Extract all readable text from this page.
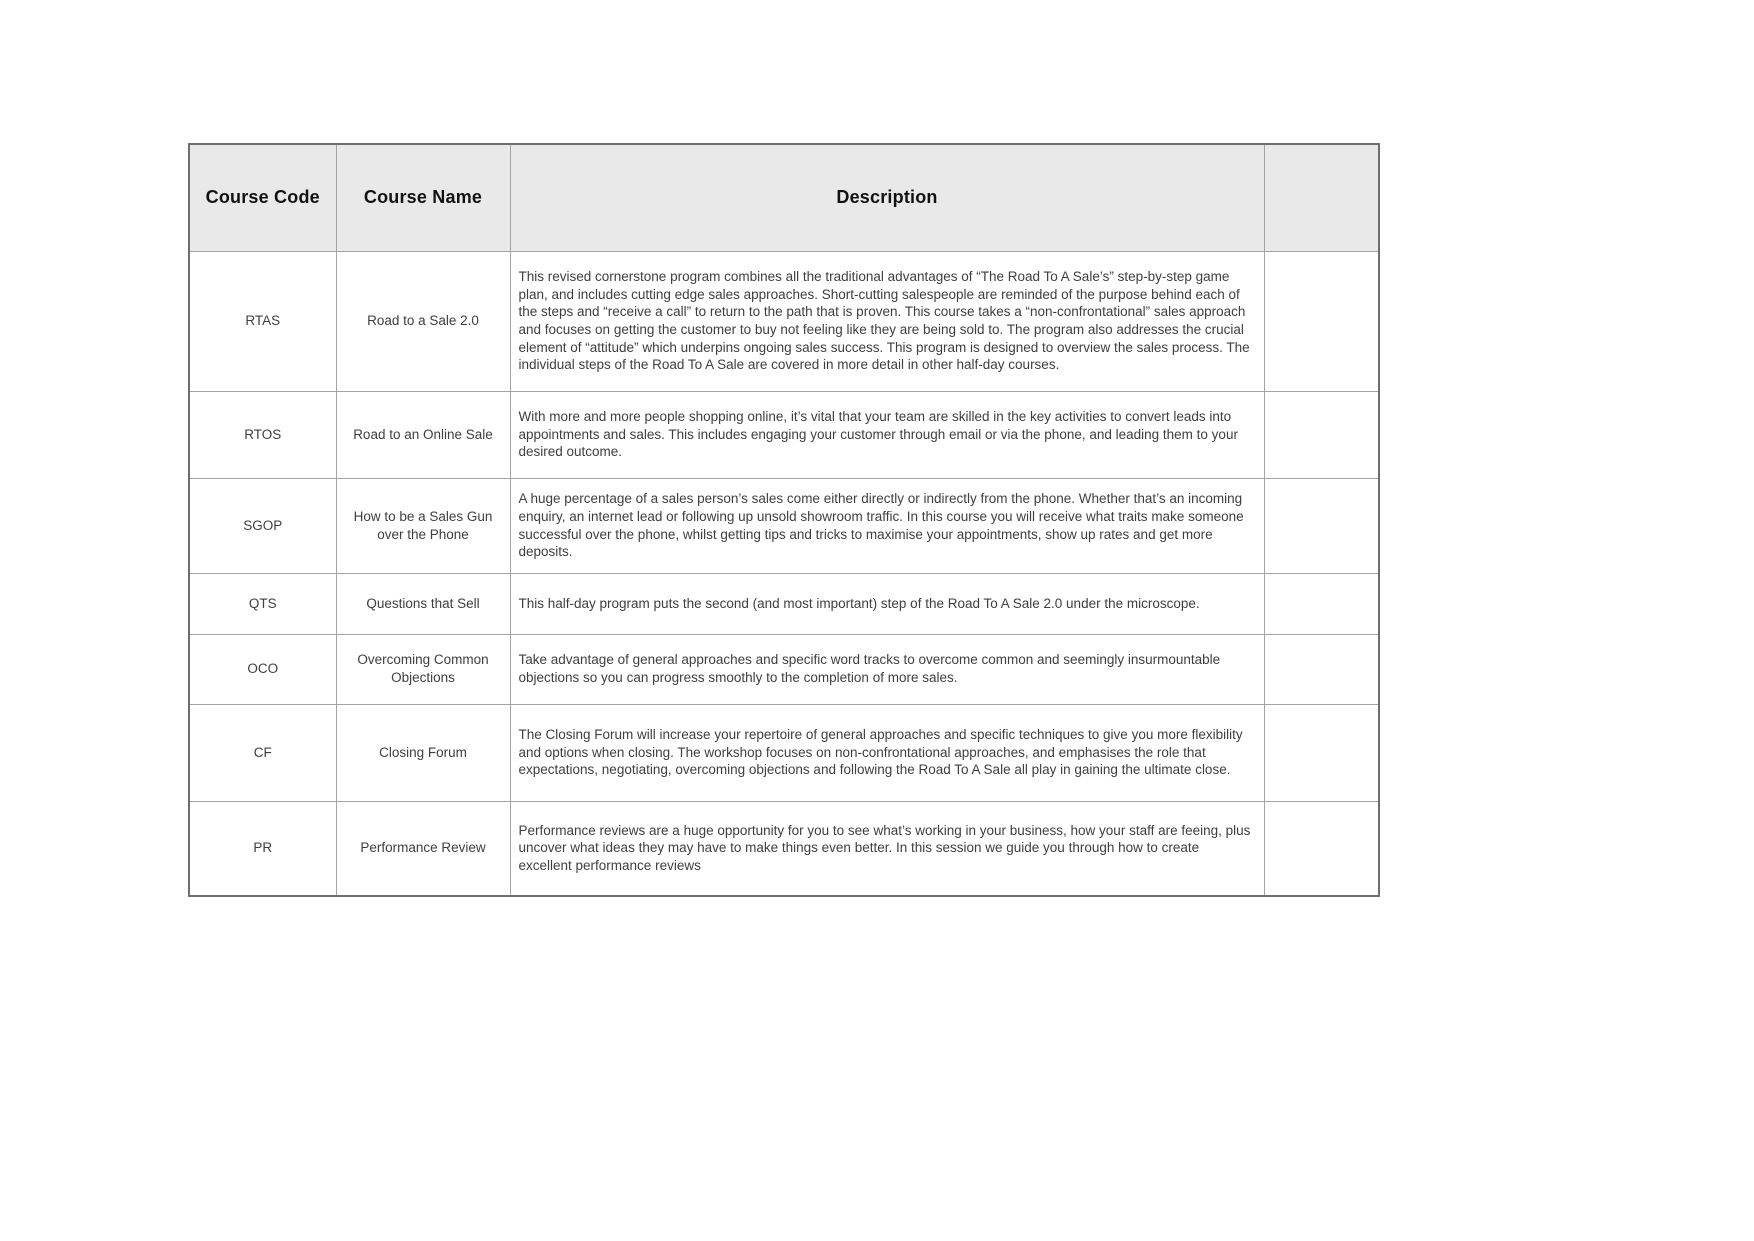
Course Code	Course Name	Description	
RTAS	Road to a Sale 2.0	This revised cornerstone program combines all the traditional advantages of “The Road To A Sale’s” step-by-step game plan, and includes cutting edge sales approaches. Short-cutting salespeople are reminded of the purpose behind each of the steps and “receive a call” to return to the path that is proven. This course takes a “non-confrontational” sales approach and focuses on getting the customer to buy not feeling like they are being sold to. The program also addresses the crucial element of “attitude” which underpins ongoing sales success. This program is designed to overview the sales process. The individual steps of the Road To A Sale are covered in more detail in other half-day courses.	
RTOS	Road to an Online Sale	With more and more people shopping online, it’s vital that your team are skilled in the key activities to convert leads into appointments and sales. This includes engaging your customer through email or via the phone, and leading them to your desired outcome.	
SGOP	How to be a Sales Gun over the Phone	A huge percentage of a sales person’s sales come either directly or indirectly from the phone. Whether that’s an incoming enquiry, an internet lead or following up unsold showroom traffic. In this course you will receive what traits make someone successful over the phone, whilst getting tips and tricks to maximise your appointments, show up rates and get more deposits.	
QTS	Questions that Sell	This half-day program puts the second (and most important) step of the Road To A Sale 2.0 under the microscope.	
OCO	Overcoming Common Objections	Take advantage of general approaches and specific word tracks to overcome common and seemingly insurmountable objections so you can progress smoothly to the completion of more sales.	
CF	Closing Forum	The Closing Forum will increase your repertoire of general approaches and specific techniques to give you more flexibility and options when closing. The workshop focuses on non-confrontational approaches, and emphasises the role that expectations, negotiating, overcoming objections and following the Road To A Sale all play in gaining the ultimate close.	
PR	Performance Review	Performance reviews are a huge opportunity for you to see what’s working in your business, how your staff are feeing, plus uncover what ideas they may have to make things even better. In this session we guide you through how to create excellent performance reviews	
